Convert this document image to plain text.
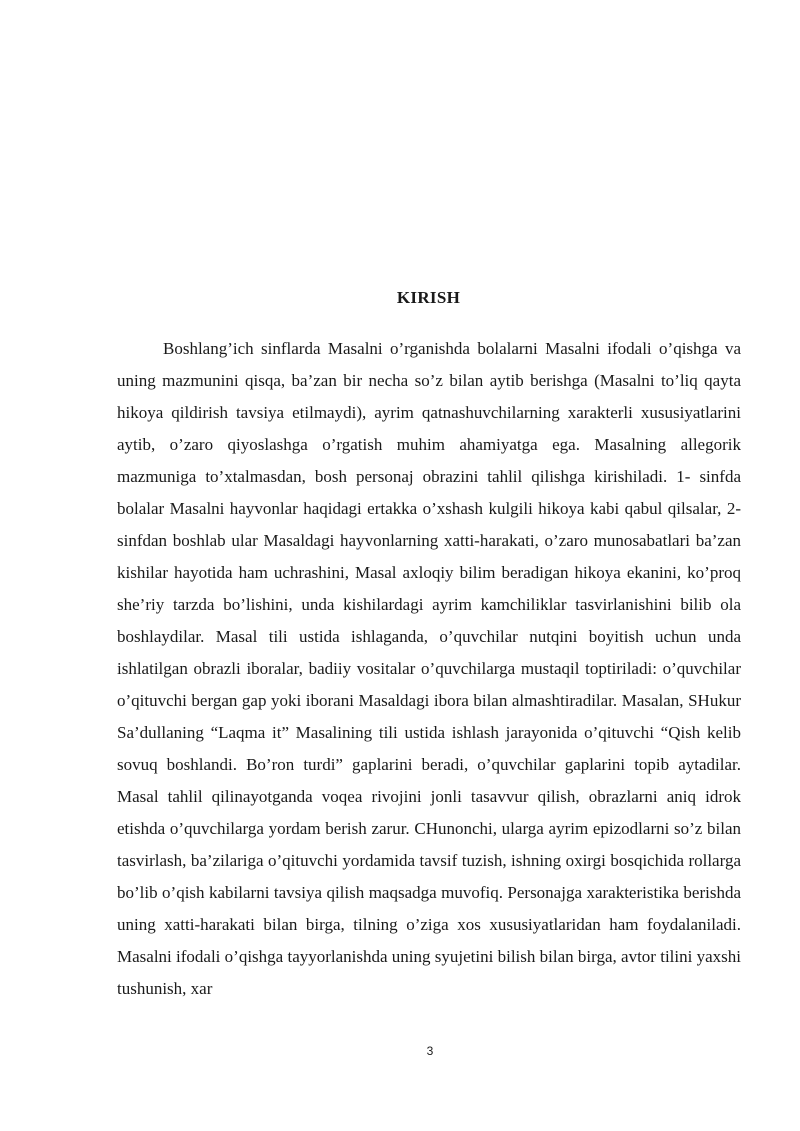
KIRISH

Boshlang’ich sinflarda Masalni o’rganishda bolalarni Masalni ifodali o’qishga va uning mazmunini qisqa, ba’zan bir necha so’z bilan aytib berishga (Masalni to’liq qayta hikoya qildirish tavsiya etilmaydi), ayrim qatnashuvchilarning xarakterli xususiyatlarini aytib, o’zaro qiyoslashga o’rgatish muhim ahamiyatga ega. Masalning allegorik mazmuniga to’xtalmasdan, bosh personaj obrazini tahlil qilishga kirishiladi. 1- sinfda bolalar Masalni hayvonlar haqidagi ertakka o’xshash kulgili hikoya kabi qabul qilsalar, 2- sinfdan boshlab ular Masaldagi hayvonlarning xatti-harakati, o’zaro munosabatlari ba’zan kishilar hayotida ham uchrashini, Masal axloqiy bilim beradigan hikoya ekanini, ko’proq she’riy tarzda bo’lishini, unda kishilardagi ayrim kamchiliklar tasvirlanishini bilib ola boshlaydilar. Masal tili ustida ishlaganda, o’quvchilar nutqini boyitish uchun unda ishlatilgan obrazli iboralar, badiiy vositalar o’quvchilarga mustaqil toptiriladi: o’quvchilar o’qituvchi bergan gap yoki iborani Masaldagi ibora bilan almashtiradilar. Masalan, SHukur Sa’dullaning “Laqma it” Masalining tili ustida ishlash jarayonida o’qituvchi “Qish kelib sovuq boshlandi. Bo’ron turdi” gaplarini beradi, o’quvchilar gaplarini topib aytadilar. Masal tahlil qilinayotganda voqea rivojini jonli tasavvur qilish, obrazlarni aniq idrok etishda o’quvchilarga yordam berish zarur. CHunonchi, ularga ayrim epizodlarni so’z bilan tasvirlash, ba’zilariga o’qituvchi yordamida tavsif tuzish, ishning oxirgi bosqichida rollarga bo’lib o’qish kabilarni tavsiya qilish maqsadga muvofiq. Personajga xarakteristika berishda uning xatti-harakati bilan birga, tilning o’ziga xos xususiyatlaridan ham foydalaniladi. Masalni ifodali o’qishga tayyorlanishda uning syujetini bilish bilan birga, avtor tilini yaxshi tushunish, xar

3
